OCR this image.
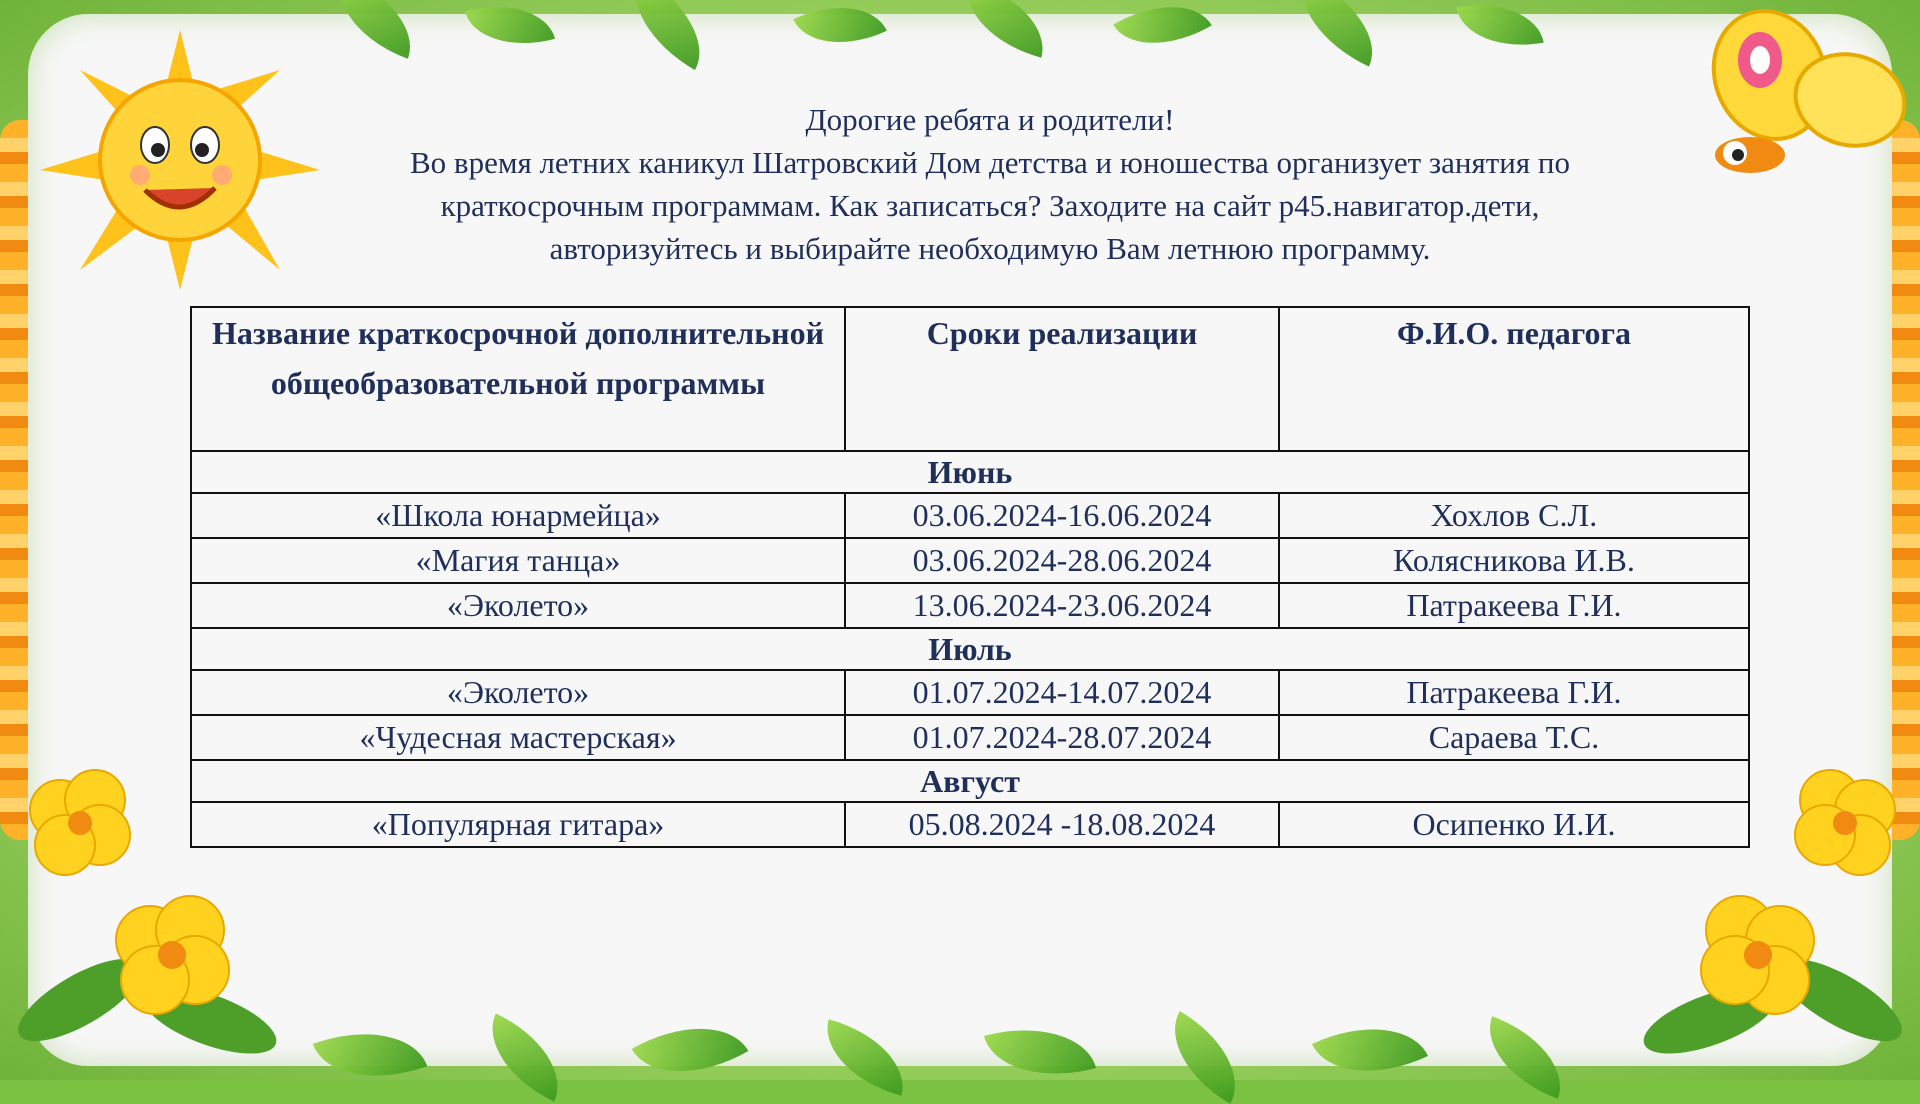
Дорогие ребята и родители!
Во время летних каникул Шатровский Дом детства и юношества организует занятия по
краткосрочным программам. Как записаться? Заходите на сайт р45.навигатор.дети,
авторизуйтесь и выбирайте необходимую Вам летнюю программу.
Название краткосрочной дополнительной общеобразовательной программы	Сроки реализации	Ф.И.О. педагога
Июнь		
«Школа юнармейца»	03.06.2024-16.06.2024	Хохлов С.Л.
«Магия танца»	03.06.2024-28.06.2024	Колясникова И.В.
«Эколето»	13.06.2024-23.06.2024	Патракеева Г.И.
Июль		
«Эколето»	01.07.2024-14.07.2024	Патракеева Г.И.
«Чудесная мастерская»	01.07.2024-28.07.2024	Сараева Т.С.
Август		
«Популярная гитара»	05.08.2024 -18.08.2024	Осипенко И.И.
